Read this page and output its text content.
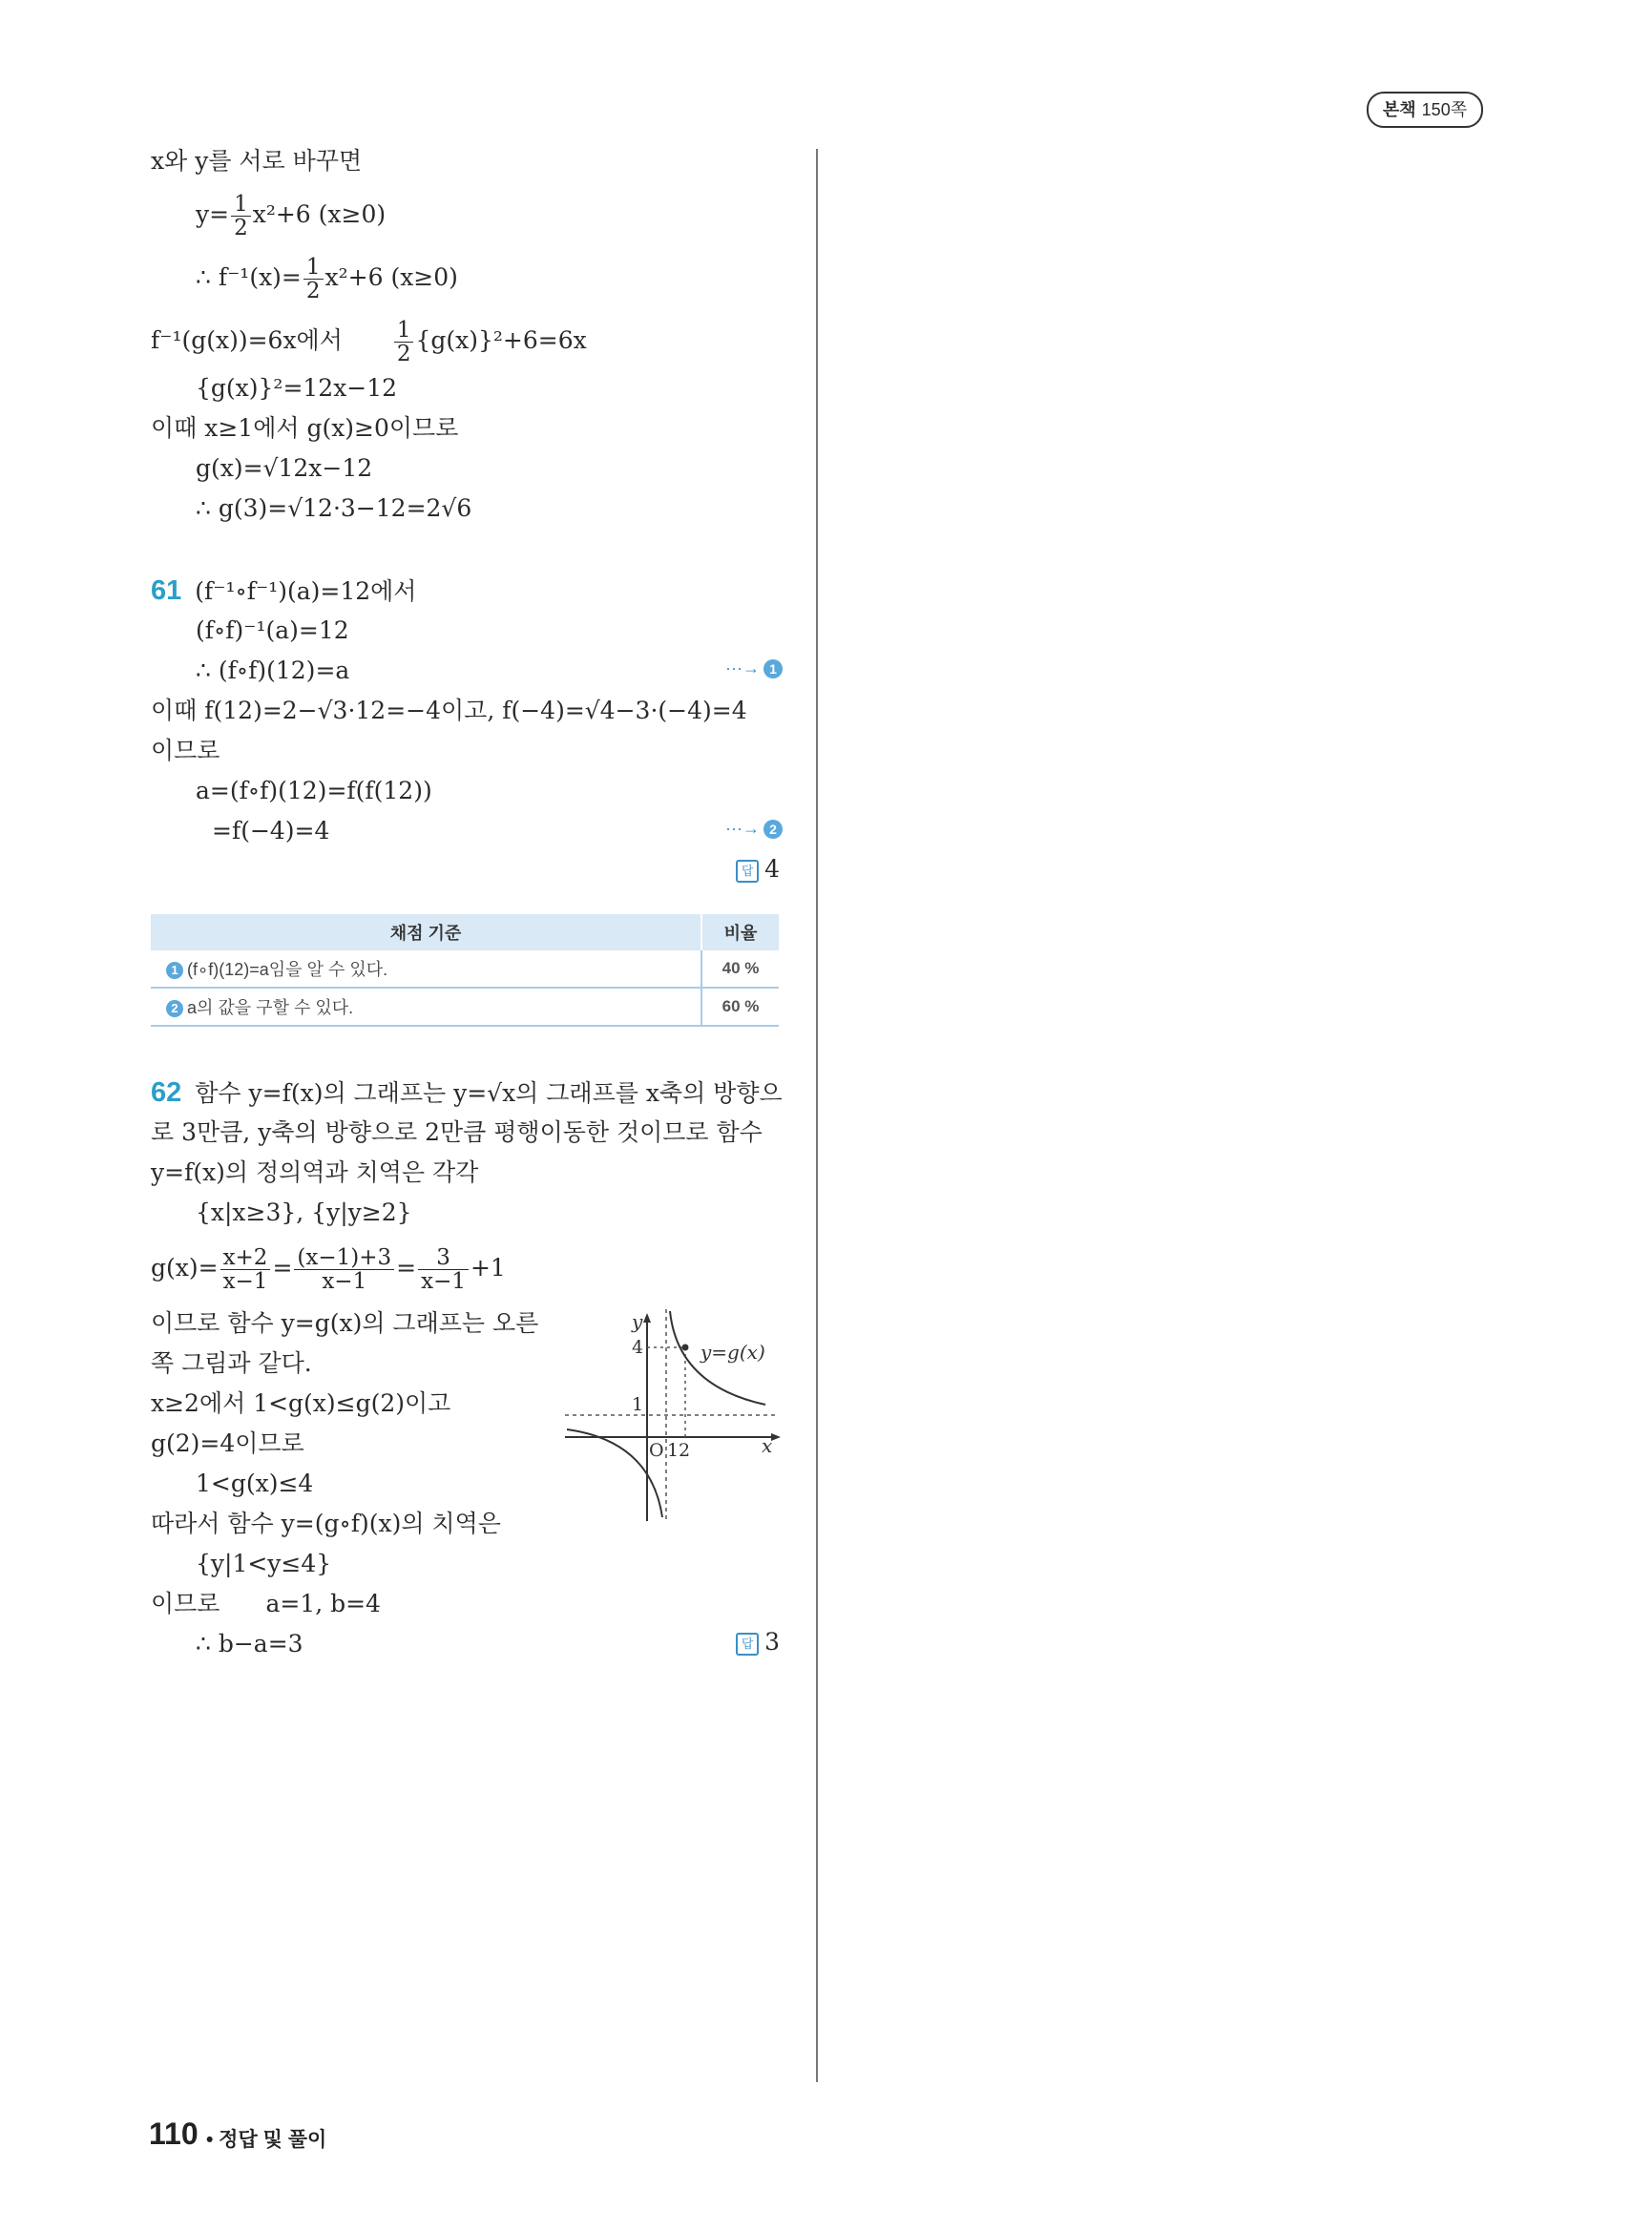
본책 150쪽
x와 y를 서로 바꾸면
$y= \frac{1}{2} x^2+6$ (x≥0)
∴ $f^{-1}(x)= \frac{1}{2} x^2+6$ (x≥0)
f⁻¹(g(x))=6x에서 $\frac{1}{2} \{g(x)\}^2+6=6x$
{g(x)}²=12x−12
이때 x≥1에서 g(x)≥0이므로
g(x)=√12x−12
∴ g(3)=√12·3−12=2√6
61 (f⁻¹∘f⁻¹)(a)=12에서
(f∘f)⁻¹(a)=12
∴ (f∘f)(12)=a	···→ 1
이때 f(12)=2−√3·12=−4이고, f(−4)=√4−3·(−4)=4
이므로
a=(f∘f)(12)=f(f(12))
=f(−4)=4	···→ 2
답 4
채점 기준	비율
1 (f∘f)(12)=a임을 알 수 있다.	40 %
2 a의 값을 구할 수 있다.	60 %
62 함수 y=f(x)의 그래프는 y=√x의 그래프를 x축의 방향으
로 3만큼, y축의 방향으로 2만큼 평행이동한 것이므로 함수
y=f(x)의 정의역과 치역은 각각
{x|x≥3}, {y|y≥2}
$g(x)= \frac{x+2}{x-1} = \frac{(x-1)+3}{x-1} = \frac{3}{x-1} +1$
이므로 함수 y=g(x)의 그래프는 오른
쪽 그림과 같다.
x≥2에서 1<g(x)≤g(2)이고
g(2)=4이므로
1<g(x)≤4
따라서 함수 y=(g∘f)(x)의 치역은
{y|1<y≤4}
이므로 a=1, b=4
∴ b−a=3	답 3
y
x
O
4
1
1 2
y=g(x)
110 • 정답 및 풀이
